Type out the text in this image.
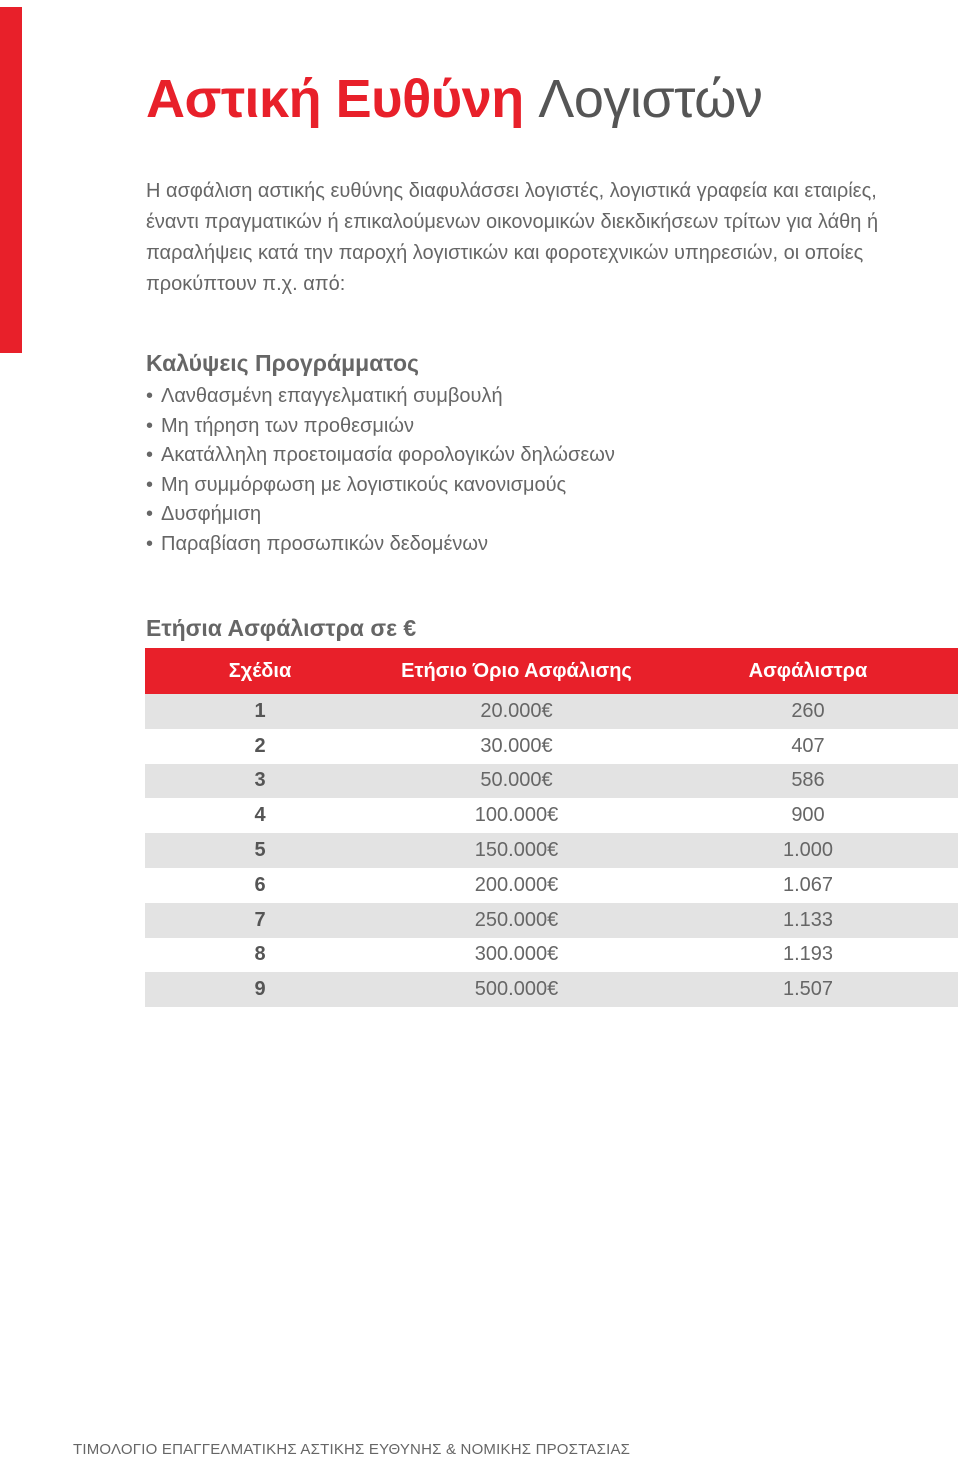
Αστική Ευθύνη Λογιστών

Η ασφάλιση αστικής ευθύνης διαφυλάσσει λογιστές, λογιστικά γραφεία και εταιρίες, έναντι πραγματικών ή επικαλούμενων οικονομικών διεκδικήσεων τρίτων για λάθη ή παραλήψεις κατά την παροχή λογιστικών και φοροτεχνικών υπηρεσιών, οι οποίες προκύπτουν π.χ. από:

Καλύψεις Προγράμματος
• Λανθασμένη επαγγελματική συμβουλή
• Μη τήρηση των προθεσμιών
• Ακατάλληλη προετοιμασία φορολογικών δηλώσεων
• Μη συμμόρφωση με λογιστικούς κανονισμούς
• Δυσφήμιση
• Παραβίαση προσωπικών δεδομένων
Ετήσια Ασφάλιστρα σε €
Σχέδια	Ετήσιο Όριο Ασφάλισης	Ασφάλιστρα
1	20.000€	260
2	30.000€	407
3	50.000€	586
4	100.000€	900
5	150.000€	1.000
6	200.000€	1.067
7	250.000€	1.133
8	300.000€	1.193
9	500.000€	1.507

ΤΙΜΟΛΟΓΙΟ ΕΠΑΓΓΕΛΜΑΤΙΚΗΣ ΑΣΤΙΚΗΣ ΕΥΘΥΝΗΣ & ΝΟΜΙΚΗΣ ΠΡΟΣΤΑΣΙΑΣ
